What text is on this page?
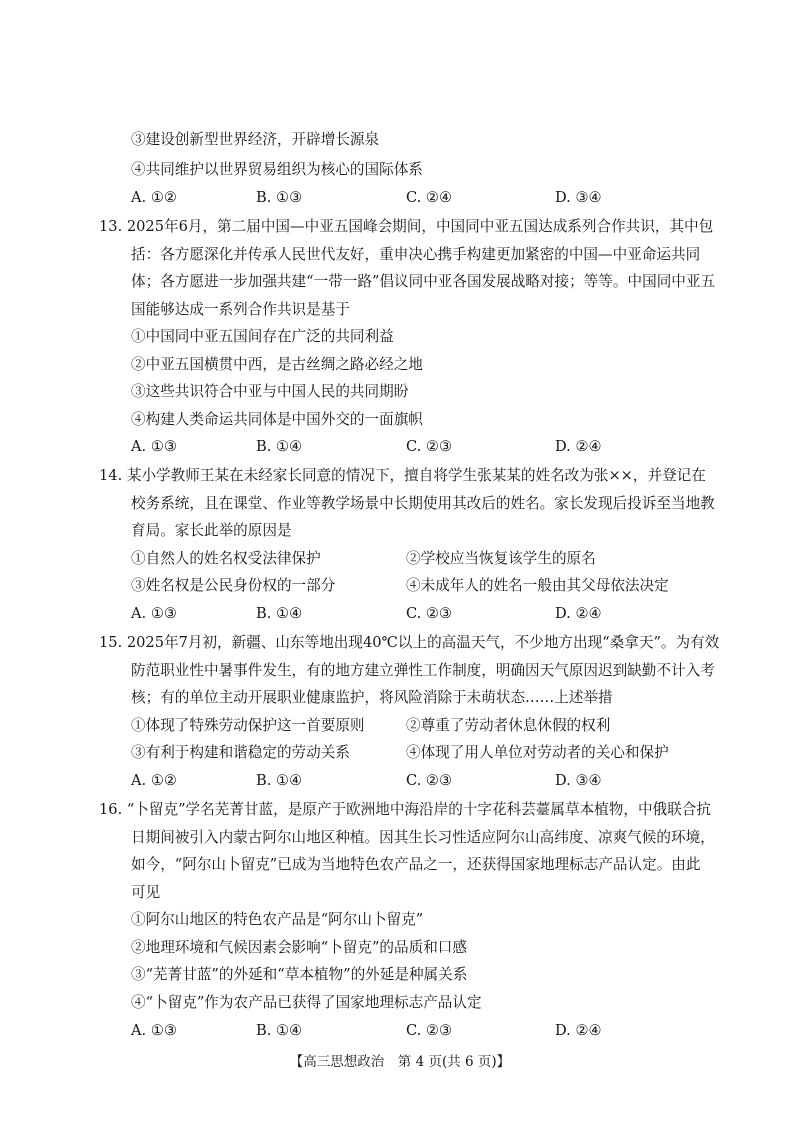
③建设创新型世界经济，开辟增长源泉
④共同维护以世界贸易组织为核心的国际体系
A. ①②	B. ①③	C. ②④	D. ③④
13. 2025年6月，第二届中国—中亚五国峰会期间，中国同中亚五国达成系列合作共识，其中包
括：各方愿深化并传承人民世代友好，重申决心携手构建更加紧密的中国—中亚命运共同
体；各方愿进一步加强共建“一带一路”倡议同中亚各国发展战略对接；等等。中国同中亚五
国能够达成一系列合作共识是基于
①中国同中亚五国间存在广泛的共同利益
②中亚五国横贯中西，是古丝绸之路必经之地
③这些共识符合中亚与中国人民的共同期盼
④构建人类命运共同体是中国外交的一面旗帜
A. ①③	B. ①④	C. ②③	D. ②④
14. 某小学教师王某在未经家长同意的情况下，擅自将学生张某某的姓名改为张××，并登记在
校务系统，且在课堂、作业等教学场景中长期使用其改后的姓名。家长发现后投诉至当地教
育局。家长此举的原因是
①自然人的姓名权受法律保护	②学校应当恢复该学生的原名
③姓名权是公民身份权的一部分	④未成年人的姓名一般由其父母依法决定
A. ①③	B. ①④	C. ②③	D. ②④
15. 2025年7月初，新疆、山东等地出现40℃以上的高温天气，不少地方出现“桑拿天”。为有效
防范职业性中暑事件发生，有的地方建立弹性工作制度，明确因天气原因迟到缺勤不计入考
核；有的单位主动开展职业健康监护，将风险消除于未萌状态……上述举措
①体现了特殊劳动保护这一首要原则	②尊重了劳动者休息休假的权利
③有利于构建和谐稳定的劳动关系	④体现了用人单位对劳动者的关心和保护
A. ①②	B. ①④	C. ②③	D. ③④
16. “卜留克”学名芜菁甘蓝，是原产于欧洲地中海沿岸的十字花科芸薹属草本植物，中俄联合抗
日期间被引入内蒙古阿尔山地区种植。因其生长习性适应阿尔山高纬度、凉爽气候的环境，
如今，“阿尔山卜留克”已成为当地特色农产品之一，还获得国家地理标志产品认定。由此
可见
①阿尔山地区的特色农产品是“阿尔山卜留克”
②地理环境和气候因素会影响“卜留克”的品质和口感
③“芜菁甘蓝”的外延和“草本植物”的外延是种属关系
④“卜留克”作为农产品已获得了国家地理标志产品认定
A. ①③	B. ①④	C. ②③	D. ②④
【高三思想政治　第 4 页(共 6 页)】
